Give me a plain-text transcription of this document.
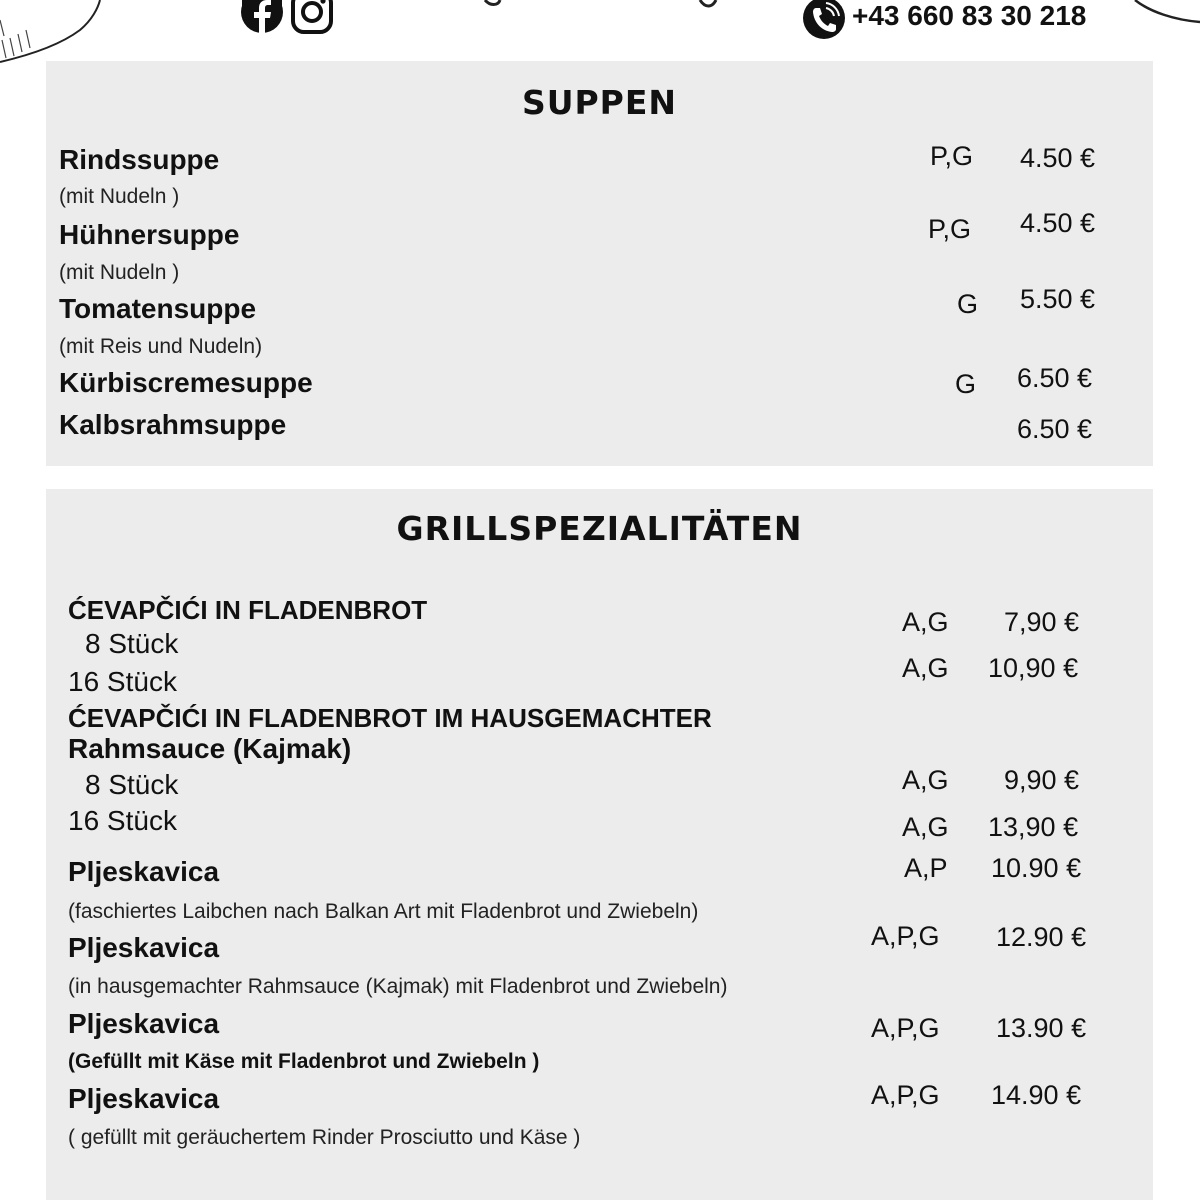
+43 660 83 30 218
SUPPEN
Rindssuppe
(mit Nudeln )
P,G 4.50 €
Hühnersuppe
(mit Nudeln )
P,G 4.50 €
Tomatensuppe
(mit Reis und Nudeln)
G 5.50 €
Kürbiscremesuppe	G 6.50 €
Kalbsrahmsuppe	6.50 €
GRILLSPEZIALITÄTEN
ĆEVAPČIĆI IN FLADENBROT
8 Stück
16 Stück
A,G 7,90 €
A,G 10,90 €
ĆEVAPČIĆI IN FLADENBROT IM HAUSGEMACHTER
Rahmsauce (Kajmak)
8 Stück
16 Stück
A,G 9,90 €
A,G 13,90 €
Pljeskavica
(faschiertes Laibchen nach Balkan Art mit Fladenbrot und Zwiebeln)
A,P 10.90 €
Pljeskavica
(in hausgemachter Rahmsauce (Kajmak) mit Fladenbrot und Zwiebeln)
A,P,G 12.90 €
Pljeskavica
(Gefüllt mit Käse mit Fladenbrot und Zwiebeln )
A,P,G 13.90 €
Pljeskavica
( gefüllt mit geräuchertem Rinder Prosciutto und Käse )
A,P,G 14.90 €
